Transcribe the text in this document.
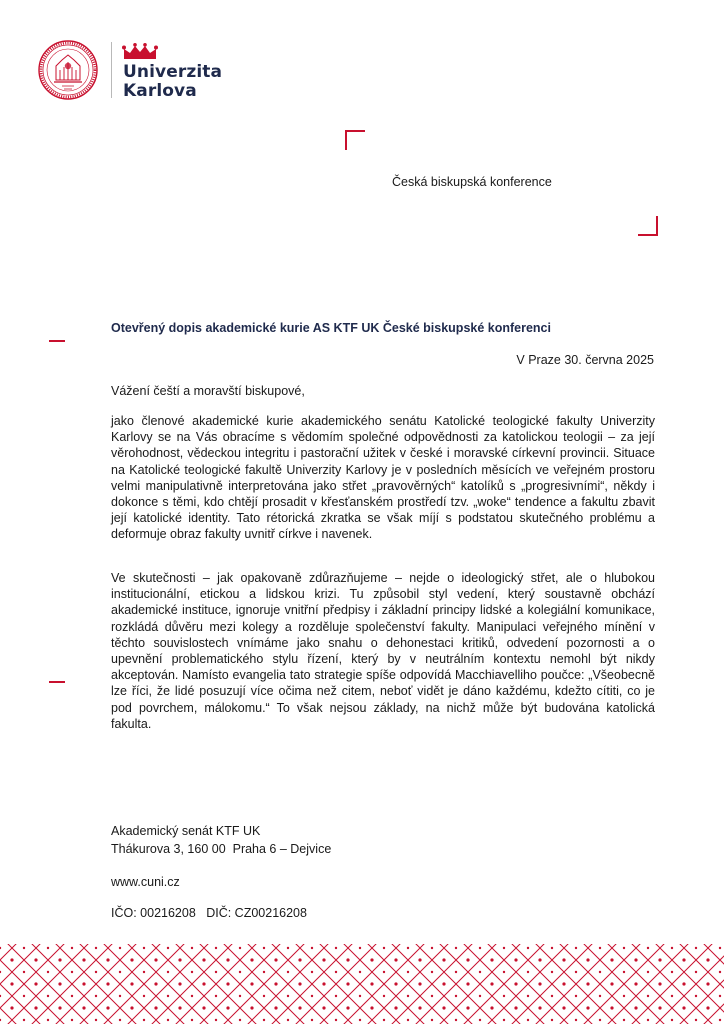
Univerzita
Karlova
Česká biskupská konference
Otevřený dopis akademické kurie AS KTF UK České biskupské konferenci
V Praze 30. června 2025
Vážení čeští a moravští biskupové,

jako členové akademické kurie akademického senátu Katolické teologické fakulty Univerzity Karlovy se na Vás obracíme s vědomím společné odpovědnosti za katolickou teologii – za její věrohodnost, vědeckou integritu i pastorační užitek v české i moravské církevní provincii. Situace na Katolické teologické fakultě Univerzity Karlovy je v posledních měsících ve veřejném prostoru velmi manipulativně interpretována jako střet „pravověrných“ katolíků s „progresivními“, někdy i dokonce s těmi, kdo chtějí prosadit v křesťanském prostředí tzv. „woke“ tendence a fakultu zbavit její katolické identity. Tato rétorická zkratka se však míjí s podstatou skutečného problému a deformuje obraz fakulty uvnitř církve i navenek.

Ve skutečnosti – jak opakovaně zdůrazňujeme – nejde o ideologický střet, ale o hlubokou institucionální, etickou a lidskou krizi. Tu způsobil styl vedení, který soustavně obchází akademické instituce, ignoruje vnitřní předpisy i základní principy lidské a kolegiální komunikace, rozkládá důvěru mezi kolegy a rozděluje společenství fakulty. Manipulaci veřejného mínění v těchto souvislostech vnímáme jako snahu o dehonestaci kritiků, odvedení pozornosti a o upevnění problematického stylu řízení, který by v neutrálním kontextu nemohl být nikdy akceptován. Namísto evangelia tato strategie spíše odpovídá Macchiavelliho poučce: „Všeobecně lze říci, že lidé posuzují více očima než citem, neboť vidět je dáno každému, kdežto cítiti, co je pod povrchem, málokomu.“ To však nejsou základy, na nichž může být budována katolická fakulta.

Akademický senát KTF UK
Thákurova 3, 160 00  Praha 6 – Dejvice
www.cuni.cz
IČO: 00216208   DIČ: CZ00216208
